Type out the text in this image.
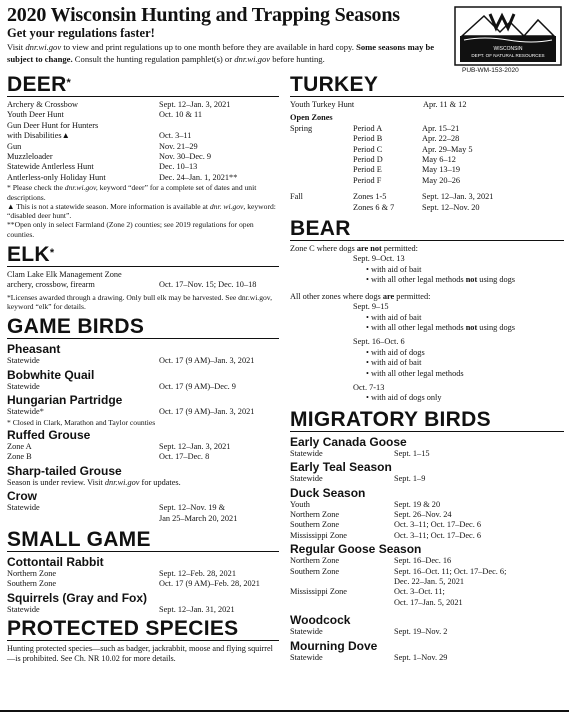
2020 Wisconsin Hunting and Trapping Seasons
Get your regulations faster!
Visit dnr.wi.gov to view and print regulations up to one month before they are available in hard copy. Some seasons may be subject to change. Consult the hunting regulation pamphlet(s) or dnr.wi.gov before hunting.
WISCONSIN
DEPT. OF NATURAL RESOURCES
PUB-WM-153-2020
DEER*
Archery & Crossbow	Sept. 12–Jan. 3, 2021
Youth Deer Hunt	Oct. 10 & 11
Gun Deer Hunt for Hunters
with Disabilities▲	Oct. 3–11
Gun	Nov. 21–29
Muzzleloader	Nov. 30–Dec. 9
Statewide Antlerless Hunt	Dec. 10–13
Antlerless-only Holiday Hunt	Dec. 24–Jan. 1, 2021**
* Please check the dnr.wi.gov, keyword “deer” for a complete set of dates and unit descriptions.
▲ This is not a statewide season. More information is available at dnr. wi.gov, keyword: “disabled deer hunt”.
**Open only in select Farmland (Zone 2) counties; see 2019 regulations for open counties.
ELK*
Clam Lake Elk Management Zone
archery, crossbow, firearm	Oct. 17–Nov. 15; Dec. 10–18
*Licenses awarded through a drawing. Only bull elk may be harvested. See dnr.wi.gov, keyword “elk” for details.
GAME BIRDS
Pheasant
Statewide	Oct. 17 (9 AM)–Jan. 3, 2021
Bobwhite Quail
Statewide	Oct. 17 (9 AM)–Dec. 9
Hungarian Partridge
Statewide*	Oct. 17 (9 AM)–Jan. 3, 2021
* Closed in Clark, Marathon and Taylor counties
Ruffed Grouse
Zone A	Sept. 12–Jan. 3, 2021
Zone B	Oct. 17–Dec. 8
Sharp-tailed Grouse
Season is under review. Visit dnr.wi.gov for updates.
Crow
Statewide	Sept. 12–Nov. 19 &
Jan 25–March 20, 2021
SMALL GAME
Cottontail Rabbit
Northern Zone	Sept. 12–Feb. 28, 2021
Southern Zone	Oct. 17 (9 AM)–Feb. 28, 2021
Squirrels (Gray and Fox)
Statewide	Sept. 12–Jan. 31, 2021
PROTECTED SPECIES
Hunting protected species—such as badger, jackrabbit, moose and flying squirrel—is prohibited. See Ch. NR 10.02 for more details.
TURKEY
Youth Turkey Hunt	Apr. 11 & 12
Open Zones
Spring	Period A	Apr. 15–21
Period B	Apr. 22–28
Period C	Apr. 29–May 5
Period D	May 6–12
Period E	May 13–19
Period F	May 20–26
Fall	Zones 1-5	Sept. 12–Jan. 3, 2021
Zones 6 & 7	Sept. 12–Nov. 20
BEAR
Zone C where dogs are not permitted:
Sept. 9–Oct. 13
• with aid of bait
• with all other legal methods not using dogs
All other zones where dogs are permitted:
Sept. 9–15
• with aid of bait
• with all other legal methods not using dogs
Sept. 16–Oct. 6
• with aid of dogs
• with aid of bait
• with all other legal methods
Oct. 7-13
• with aid of dogs only
MIGRATORY BIRDS
Early Canada Goose
Statewide	Sept. 1–15
Early Teal Season
Statewide	Sept. 1–9
Duck Season
Youth	Sept. 19 & 20
Northern Zone	Sept. 26–Nov. 24
Southern Zone	Oct. 3–11; Oct. 17–Dec. 6
Mississippi Zone	Oct. 3–11; Oct. 17–Dec. 6
Regular Goose Season
Northern Zone	Sept. 16–Dec. 16
Southern Zone	Sept. 16–Oct. 11; Oct. 17–Dec. 6;
Dec. 22–Jan. 5, 2021
Mississippi Zone	Oct. 3–Oct. 11;
Oct. 17–Jan. 5, 2021
Woodcock
Statewide	Sept. 19–Nov. 2
Mourning Dove
Statewide	Sept. 1–Nov. 29
